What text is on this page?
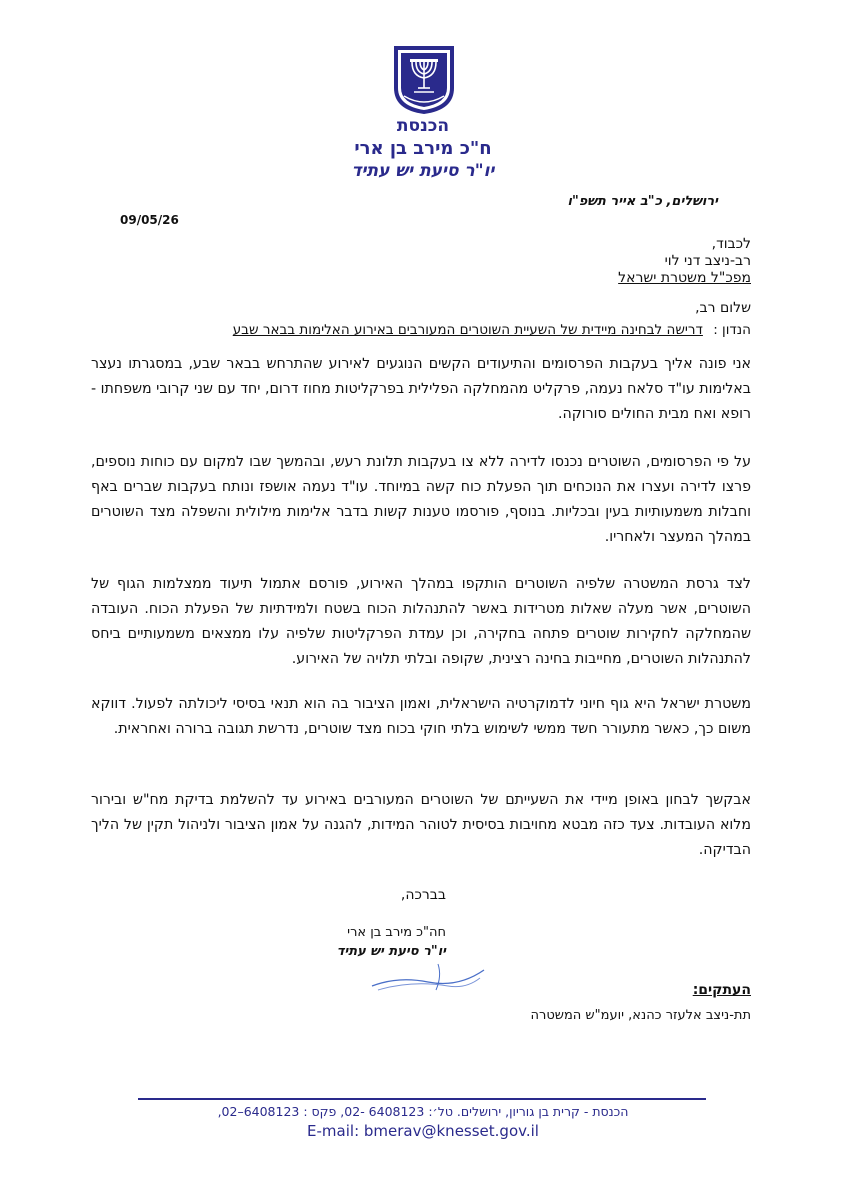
הכנסת
ח"כ מירב בן ארי
יו"ר סיעת יש עתיד
ירושלים, כ"ב אייר תשפ"ו
09/05/26
לכבוד,
רב-ניצב דני לוי
מפכ"ל משטרת ישראל
שלום רב,
הנדון : דרישה לבחינה מיידית של השעיית השוטרים המעורבים באירוע האלימות בבאר שבע
אני פונה אליך בעקבות הפרסומים והתיעודים הקשים הנוגעים לאירוע שהתרחש בבאר שבע, במסגרתו נעצר באלימות עו"ד סלאח נעמה, פרקליט מהמחלקה הפלילית בפרקליטות מחוז דרום, יחד עם שני קרובי משפחתו - רופא ואח מבית החולים סורוקה.
על פי הפרסומים, השוטרים נכנסו לדירה ללא צו בעקבות תלונת רעש, ובהמשך שבו למקום עם כוחות נוספים, פרצו לדירה ועצרו את הנוכחים תוך הפעלת כוח קשה במיוחד. עו"ד נעמה אושפז ונותח בעקבות שברים באף וחבלות משמעותיות בעין ובכליות. בנוסף, פורסמו טענות קשות בדבר אלימות מילולית והשפלה מצד השוטרים במהלך המעצר ולאחריו.
לצד גרסת המשטרה שלפיה השוטרים הותקפו במהלך האירוע, פורסם אתמול תיעוד ממצלמות הגוף של השוטרים, אשר מעלה שאלות מטרידות באשר להתנהלות הכוח בשטח ולמידתיות של הפעלת הכוח. העובדה שהמחלקה לחקירות שוטרים פתחה בחקירה, וכן עמדת הפרקליטות שלפיה עלו ממצאים משמעותיים ביחס להתנהלות השוטרים, מחייבות בחינה רצינית, שקופה ובלתי תלויה של האירוע.
משטרת ישראל היא גוף חיוני לדמוקרטיה הישראלית, ואמון הציבור בה הוא תנאי בסיסי ליכולתה לפעול. דווקא משום כך, כאשר מתעורר חשד ממשי לשימוש בלתי חוקי בכוח מצד שוטרים, נדרשת תגובה ברורה ואחראית.
אבקשך לבחון באופן מיידי את השעייתם של השוטרים המעורבים באירוע עד להשלמת בדיקת מח"ש ובירור מלוא העובדות. צעד כזה מבטא מחויבות בסיסית לטוהר המידות, להגנה על אמון הציבור ולניהול תקין של הליך הבדיקה.
בברכה,
חה"כ מירב בן ארי
יו"ר סיעת יש עתיד
העתקים:
תת-ניצב אלעזר כהנא, יועמ"ש המשטרה
הכנסת - קרית בן גוריון, ירושלים. טל׳: 6408123 -02, פקס : 6408123–02,
E-mail: bmerav@knesset.gov.il
